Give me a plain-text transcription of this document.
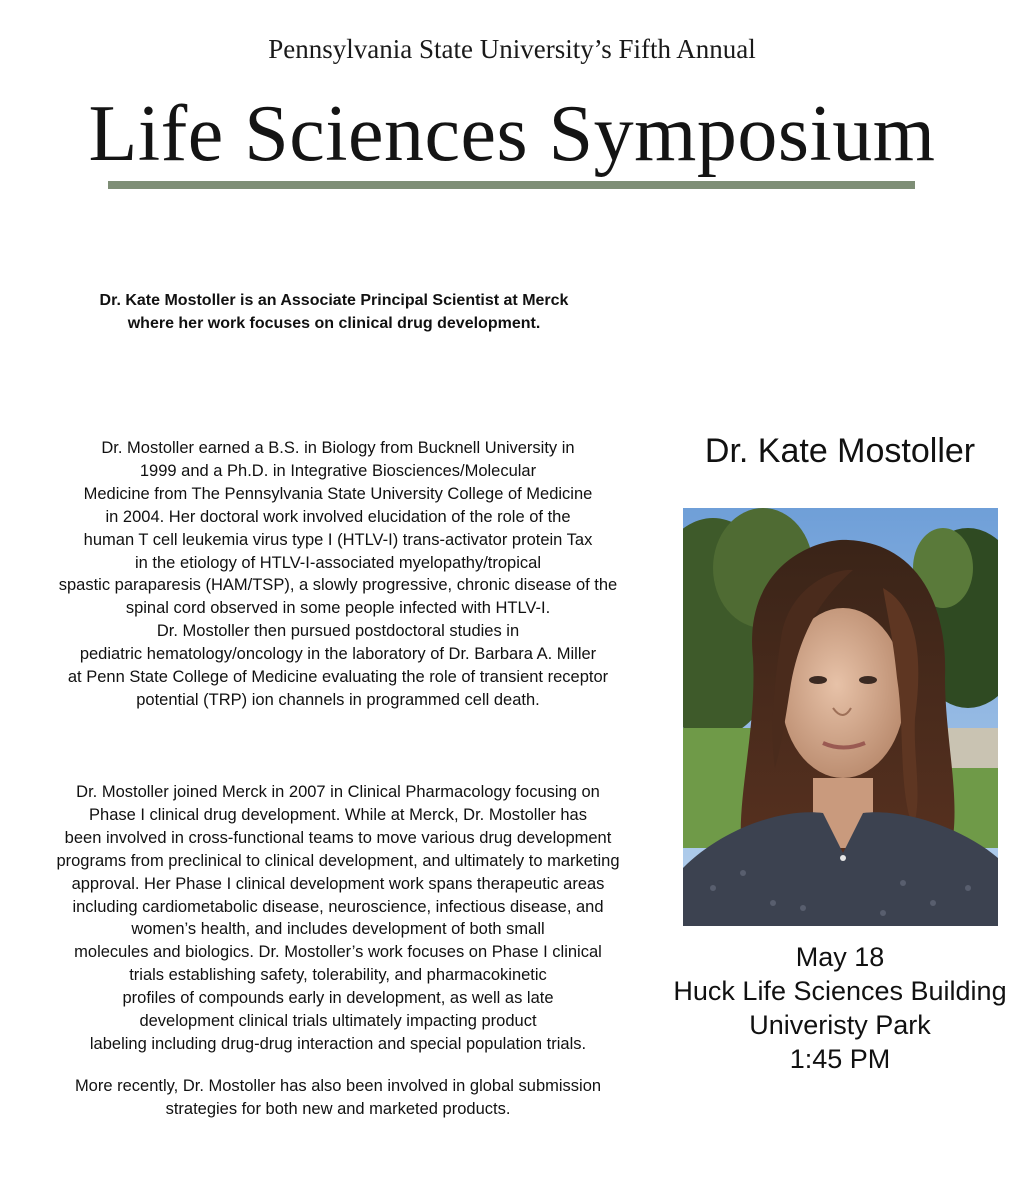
Pennsylvania State University’s Fifth Annual
Life Sciences Symposium
Dr. Kate Mostoller is an Associate Principal Scientist at Merck
where her work focuses on clinical drug development.
Dr. Mostoller earned a B.S. in Biology from Bucknell University in
1999 and a Ph.D. in Integrative Biosciences/Molecular
Medicine from The Pennsylvania State University College of Medicine
in 2004. Her doctoral work involved elucidation of the role of the
human T cell leukemia virus type I (HTLV-I) trans-activator protein Tax
in the etiology of HTLV-I-associated myelopathy/tropical
spastic paraparesis (HAM/TSP), a slowly progressive, chronic disease of the
spinal cord observed in some people infected with HTLV-I.
Dr. Mostoller then pursued postdoctoral studies in
pediatric hematology/oncology in the laboratory of Dr. Barbara A. Miller
at Penn State College of Medicine evaluating the role of transient receptor
potential (TRP) ion channels in programmed cell death.
Dr. Mostoller joined Merck in 2007 in Clinical Pharmacology focusing on
Phase I clinical drug development. While at Merck, Dr. Mostoller has
been involved in cross-functional teams to move various drug development
programs from preclinical to clinical development, and ultimately to marketing
approval. Her Phase I clinical development work spans therapeutic areas
including cardiometabolic disease, neuroscience, infectious disease, and
women’s health, and includes development of both small
molecules and biologics. Dr. Mostoller’s work focuses on Phase I clinical
trials establishing safety, tolerability, and pharmacokinetic
profiles of compounds early in development, as well as late
development clinical trials ultimately impacting product
labeling including drug-drug interaction and special population trials.
More recently, Dr. Mostoller has also been involved in global submission
strategies for both new and marketed products.
Dr. Kate Mostoller
May 18
Huck Life Sciences Building
Univeristy Park
1:45 PM
